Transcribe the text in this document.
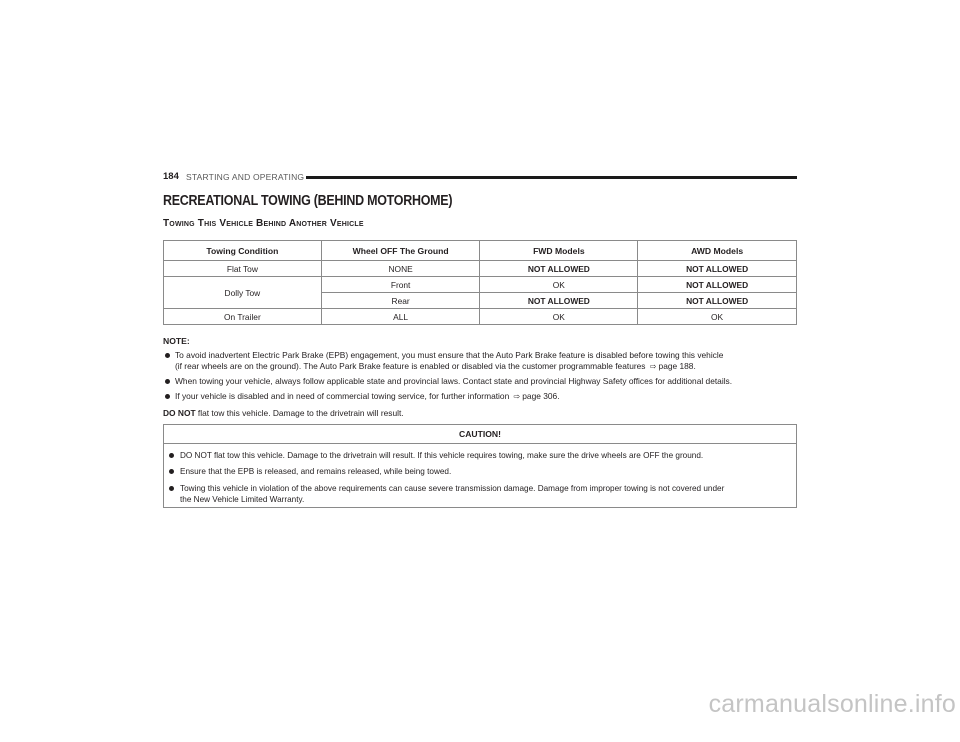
184 STARTING AND OPERATING
RECREATIONAL TOWING (BEHIND MOTORHOME)
Towing This Vehicle Behind Another Vehicle
Towing Condition	Wheel OFF The Ground	FWD Models	AWD Models
Flat Tow	NONE	NOT ALLOWED	NOT ALLOWED
Dolly Tow	Front	OK	NOT ALLOWED
	Rear	NOT ALLOWED	NOT ALLOWED
On Trailer	ALL	OK	OK
NOTE:
To avoid inadvertent Electric Park Brake (EPB) engagement, you must ensure that the Auto Park Brake feature is disabled before towing this vehicle
(if rear wheels are on the ground). The Auto Park Brake feature is enabled or disabled via the customer programmable features ⇨ page 188.
When towing your vehicle, always follow applicable state and provincial laws. Contact state and provincial Highway Safety offices for additional details.
If your vehicle is disabled and in need of commercial towing service, for further information ⇨ page 306.
DO NOT flat tow this vehicle. Damage to the drivetrain will result.
CAUTION!
DO NOT flat tow this vehicle. Damage to the drivetrain will result. If this vehicle requires towing, make sure the drive wheels are OFF the ground.
Ensure that the EPB is released, and remains released, while being towed.
Towing this vehicle in violation of the above requirements can cause severe transmission damage. Damage from improper towing is not covered under
the New Vehicle Limited Warranty.
carmanualsonline.info
